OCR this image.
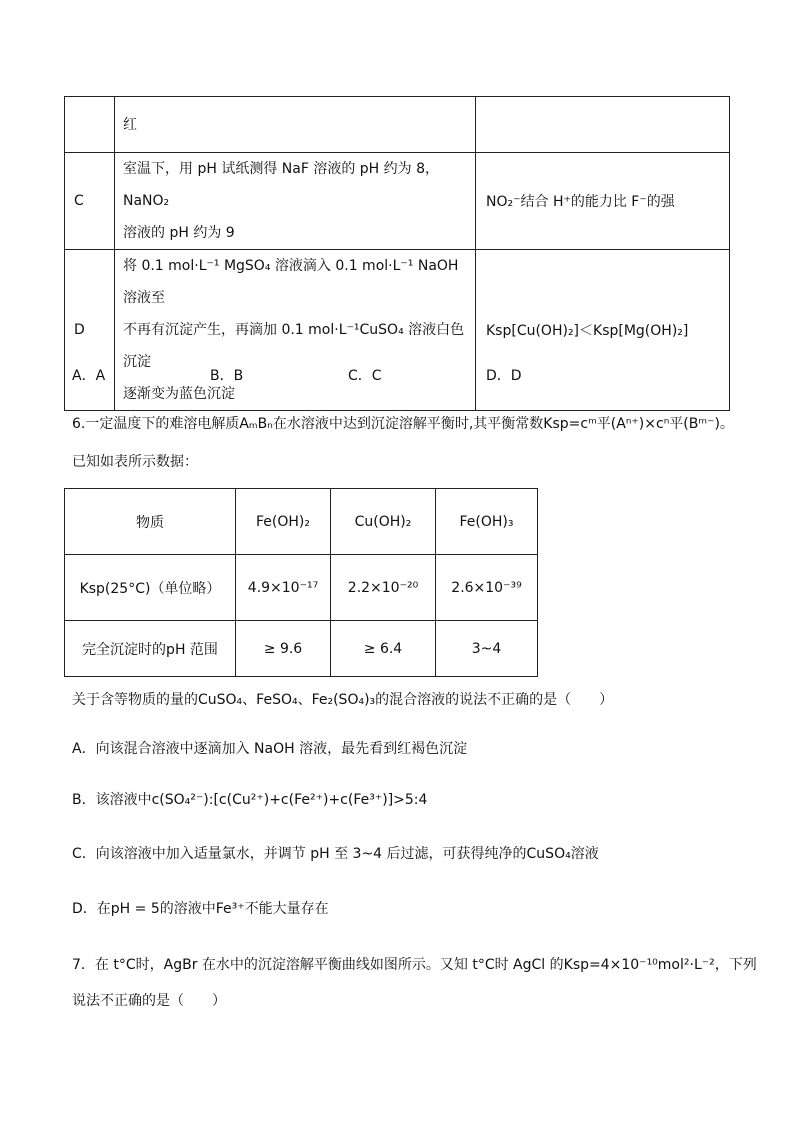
	红	

C	室温下，用 pH 试纸测得 NaF 溶液的 pH 约为 8，NaNO₂
溶液的 pH 约为 9	NO₂⁻结合 H⁺的能力比 F⁻的强
D	将 0.1 mol·L⁻¹ MgSO₄ 溶液滴入 0.1 mol·L⁻¹ NaOH 溶液至
不再有沉淀产生，再滴加 0.1 mol·L⁻¹CuSO₄ 溶液白色沉淀
逐渐变为蓝色沉淀	Ksp[Cu(OH)₂]＜Ksp[Mg(OH)₂]
A．A	B．B	C．C	D．D
6.一定温度下的难溶电解质AₘBₙ在水溶液中达到沉淀溶解平衡时,其平衡常数Ksp=cᵐ平(Aⁿ⁺)×cⁿ平(Bᵐ⁻)。
已知如表所示数据：
物质	Fe(OH)₂	Cu(OH)₂	Fe(OH)₃
Ksp(25°C)（单位略）	4.9×10⁻¹⁷	2.2×10⁻²⁰	2.6×10⁻³⁹
完全沉淀时的pH 范围	≥ 9.6	≥ 6.4	3~4
关于含等物质的量的CuSO₄、FeSO₄、Fe₂(SO₄)₃的混合溶液的说法不正确的是（　　）
A．向该混合溶液中逐滴加入 NaOH 溶液，最先看到红褐色沉淀
B．该溶液中c(SO₄²⁻):[c(Cu²⁺)+c(Fe²⁺)+c(Fe³⁺)]>5:4
C．向该溶液中加入适量氯水，并调节 pH 至 3~4 后过滤，可获得纯净的CuSO₄溶液
D．在pH = 5的溶液中Fe³⁺不能大量存在
7．在 t°C时，AgBr 在水中的沉淀溶解平衡曲线如图所示。又知 t°C时 AgCl 的Ksp=4×10⁻¹⁰mol²·L⁻²，下列
说法不正确的是（　　）
